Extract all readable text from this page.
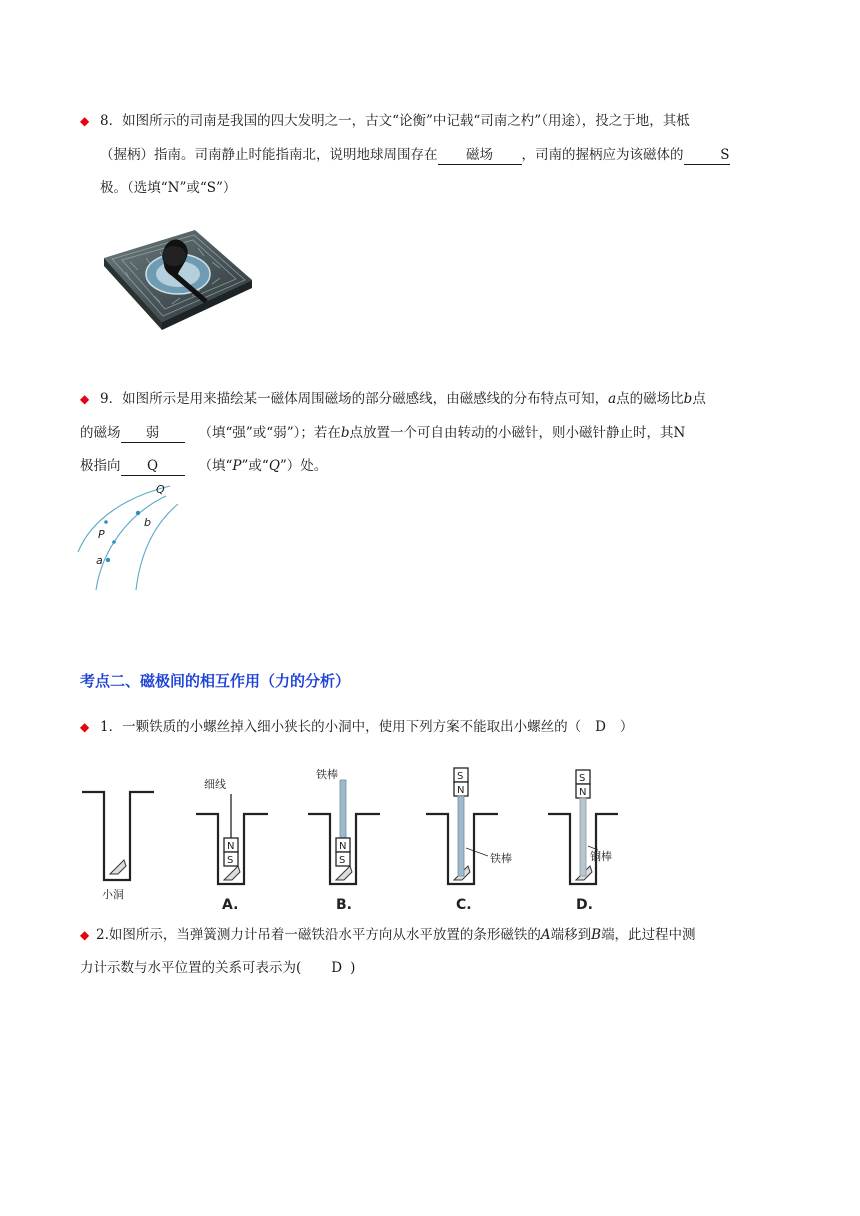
◆ 8．如图所示的司南是我国的四大发明之一，古文“论衡”中记载“司南之杓”（用途），投之于地，其柢
（握柄）指南。司南静止时能指南北，说明地球周围存在 磁场 ，司南的握柄应为该磁体的	S
极。（选填“N”或“S”）
◆ 9．如图所示是用来描绘某一磁体周围磁场的部分磁感线，由磁感线的分布特点可知，a点的磁场比b点
的磁场 弱	（填“强”或“弱”）；若在b点放置一个可自由转动的小磁针，则小磁针静止时，其N
极指向 Q	（填“P”或“Q”）处。
Q
b
P
a
考点二、磁极间的相互作用（力的分析）
◆ 1．一颗铁质的小螺丝掉入细小狭长的小洞中，使用下列方案不能取出小螺丝的（ D ）
N
S
细线
N
S
铁棒	S
N
铁棒
S
N
铜棒
小洞
A.	B.	C.	D.
◆ 2.如图所示，当弹簧测力计吊着一磁铁沿水平方向从水平放置的条形磁铁的A端移到B端，此过程中测
力计示数与水平位置的关系可表示为( D )
